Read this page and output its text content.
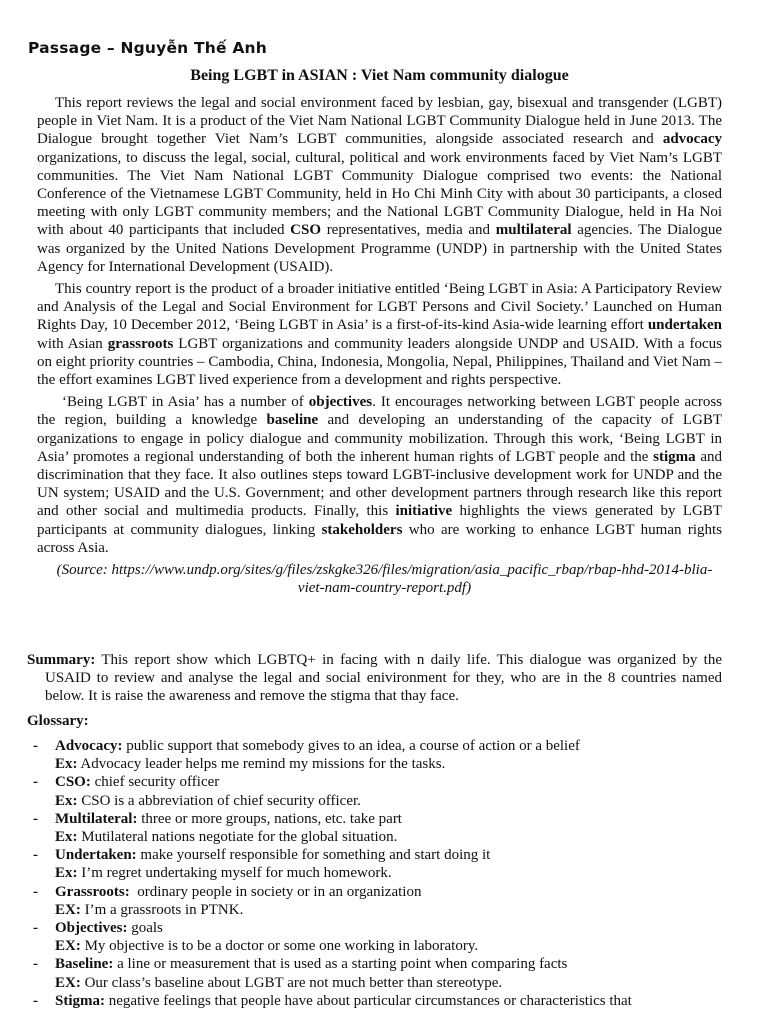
Passage – Nguyễn Thế Anh
Being LGBT in ASIAN : Viet Nam community dialogue

This report reviews the legal and social environment faced by lesbian, gay, bisexual and transgender (LGBT) people in Viet Nam. It is a product of the Viet Nam National LGBT Community Dialogue held in June 2013. The Dialogue brought together Viet Nam’s LGBT communities, alongside associated research and advocacy organizations, to discuss the legal, social, cultural, political and work environments faced by Viet Nam’s LGBT communities. The Viet Nam National LGBT Community Dialogue comprised two events: the National Conference of the Vietnamese LGBT Community, held in Ho Chi Minh City with about 30 participants, a closed meeting with only LGBT community members; and the National LGBT Community Dialogue, held in Ha Noi with about 40 participants that included CSO representatives, media and multilateral agencies. The Dialogue was organized by the United Nations Development Programme (UNDP) in partnership with the United States Agency for International Development (USAID).

This country report is the product of a broader initiative entitled ‘Being LGBT in Asia: A Participatory Review and Analysis of the Legal and Social Environment for LGBT Persons and Civil Society.’ Launched on Human Rights Day, 10 December 2012, ‘Being LGBT in Asia’ is a first-of-its-kind Asia-wide learning effort undertaken with Asian grassroots LGBT organizations and community leaders alongside UNDP and USAID. With a focus on eight priority countries – Cambodia, China, Indonesia, Mongolia, Nepal, Philippines, Thailand and Viet Nam – the effort examines LGBT lived experience from a development and rights perspective.

‘Being LGBT in Asia’ has a number of objectives. It encourages networking between LGBT people across the region, building a knowledge baseline and developing an understanding of the capacity of LGBT organizations to engage in policy dialogue and community mobilization. Through this work, ‘Being LGBT in Asia’ promotes a regional understanding of both the inherent human rights of LGBT people and the stigma and discrimination that they face. It also outlines steps toward LGBT-inclusive development work for UNDP and the UN system; USAID and the U.S. Government; and other development partners through research like this report and other social and multimedia products. Finally, this initiative highlights the views generated by LGBT participants at community dialogues, linking stakeholders who are working to enhance LGBT human rights across Asia.

(Source: https://www.undp.org/sites/g/files/zskgke326/files/migration/asia_pacific_rbap/rbap-hhd-2014-blia-viet-nam-country-report.pdf)
Summary: This report show which LGBTQ+ in facing with n daily life. This dialogue was organized by the USAID to review and analyse the legal and social enivironment for they, who are in the 8 countries named below. It is raise the awareness and remove the stigma that thay face.
Glossary:
- Advocacy: public support that somebody gives to an idea, a course of action or a belief
Ex: Advocacy leader helps me remind my missions for the tasks.
- CSO: chief security officer
Ex: CSO is a abbreviation of chief security officer.
- Multilateral: three or more groups, nations, etc. take part
Ex: Mutilateral nations negotiate for the global situation.
- Undertaken: make yourself responsible for something and start doing it
Ex: I’m regret undertaking myself for much homework.
- Grassroots:  ordinary people in society or in an organization
EX: I’m a grassroots in PTNK.
- Objectives: goals
EX: My objective is to be a doctor or some one working in laboratory.
- Baseline: a line or measurement that is used as a starting point when comparing facts
EX: Our class’s baseline about LGBT are not much better than stereotype.
- Stigma: negative feelings that people have about particular circumstances or characteristics that
